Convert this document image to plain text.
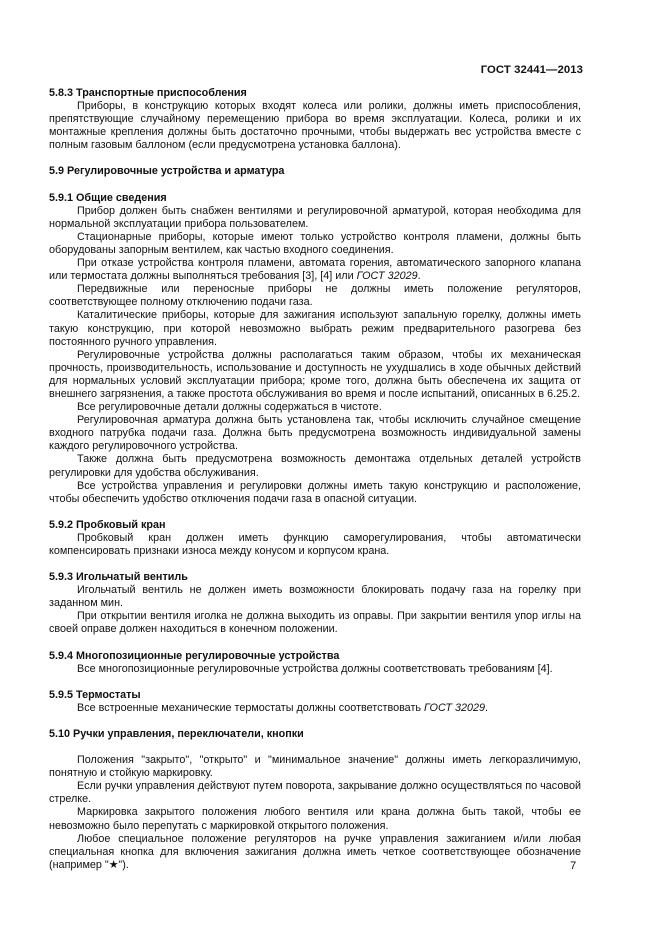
ГОСТ 32441—2013

5.8.3 Транспортные приспособления

Приборы, в конструкцию которых входят колеса или ролики, должны иметь приспособления, препятствующие случайному перемещению прибора во время эксплуатации. Колеса, ролики и их монтажные крепления должны быть достаточно прочными, чтобы выдержать вес устройства вместе с полным газовым баллоном (если предусмотрена установка баллона).

5.9 Регулировочные устройства и арматура

5.9.1 Общие сведения

Прибор должен быть снабжен вентилями и регулировочной арматурой, которая необходима для нормальной эксплуатации прибора пользователем.

Стационарные приборы, которые имеют только устройство контроля пламени, должны быть оборудованы запорным вентилем, как частью входного соединения.

При отказе устройства контроля пламени, автомата горения, автоматического запорного клапана или термостата должны выполняться требования [3], [4] или ГОСТ 32029.

Передвижные или переносные приборы не должны иметь положение регуляторов, соответствующее полному отключению подачи газа.

Каталитические приборы, которые для зажигания используют запальную горелку, должны иметь такую конструкцию, при которой невозможно выбрать режим предварительного разогрева без постоянного ручного управления.

Регулировочные устройства должны располагаться таким образом, чтобы их механическая прочность, производительность, использование и доступность не ухудшались в ходе обычных действий для нормальных условий эксплуатации прибора; кроме того, должна быть обеспечена их защита от внешнего загрязнения, а также простота обслуживания во время и после испытаний, описанных в 6.25.2.

Все регулировочные детали должны содержаться в чистоте.

Регулировочная арматура должна быть установлена так, чтобы исключить случайное смещение входного патрубка подачи газа. Должна быть предусмотрена возможность индивидуальной замены каждого регулировочного устройства.

Также должна быть предусмотрена возможность демонтажа отдельных деталей устройств регулировки для удобства обслуживания.

Все устройства управления и регулировки должны иметь такую конструкцию и расположение, чтобы обеспечить удобство отключения подачи газа в опасной ситуации.

5.9.2 Пробковый кран

Пробковый кран должен иметь функцию саморегулирования, чтобы автоматически компенсировать признаки износа между конусом и корпусом крана.

5.9.3 Игольчатый вентиль

Игольчатый вентиль не должен иметь возможности блокировать подачу газа на горелку при заданном мин.

При открытии вентиля иголка не должна выходить из оправы. При закрытии вентиля упор иглы на своей оправе должен находиться в конечном положении.

5.9.4 Многопозиционные регулировочные устройства

Все многопозиционные регулировочные устройства должны соответствовать требованиям [4].

5.9.5 Термостаты

Все встроенные механические термостаты должны соответствовать ГОСТ 32029.

5.10 Ручки управления, переключатели, кнопки

Положения "закрыто", "открыто" и "минимальное значение" должны иметь легкоразличимую, понятную и стойкую маркировку.

Если ручки управления действуют путем поворота, закрывание должно осуществляться по часовой стрелке.

Маркировка закрытого положения любого вентиля или крана должна быть такой, чтобы ее невозможно было перепутать с маркировкой открытого положения.

Любое специальное положение регуляторов на ручке управления зажиганием и/или любая специальная кнопка для включения зажигания должна иметь четкое соответствующее обозначение (например "★").	7
